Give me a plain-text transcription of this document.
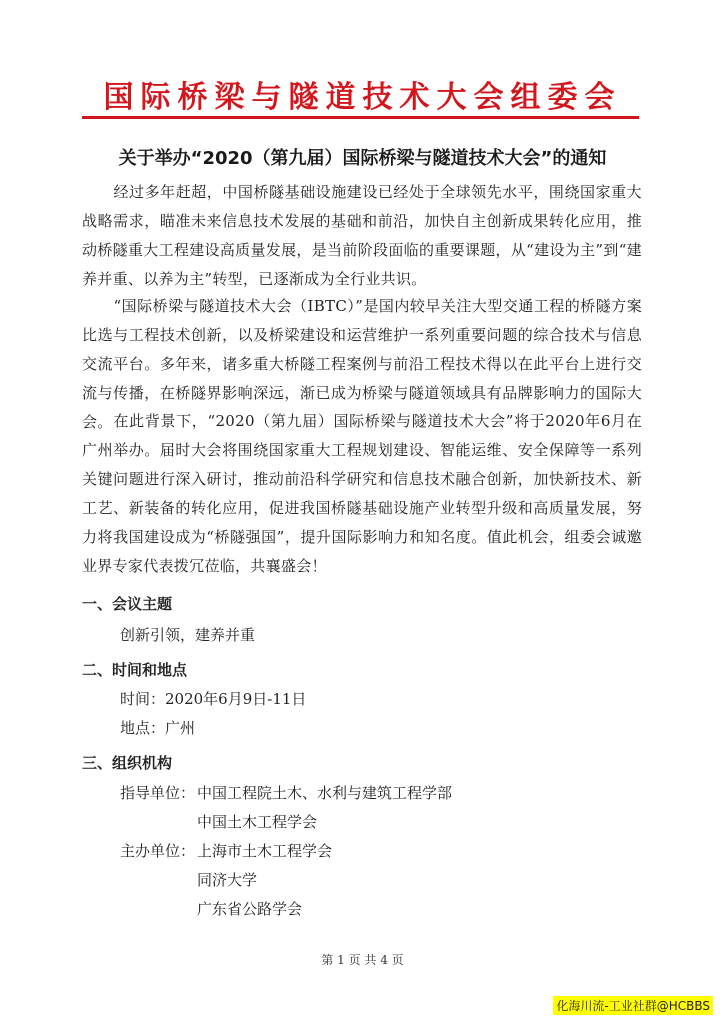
国际桥梁与隧道技术大会组委会
关于举办“2020（第九届）国际桥梁与隧道技术大会”的通知

经过多年赶超，中国桥隧基础设施建设已经处于全球领先水平，围绕国家重大战略需求，瞄准未来信息技术发展的基础和前沿，加快自主创新成果转化应用，推动桥隧重大工程建设高质量发展，是当前阶段面临的重要课题，从“建设为主”到“建养并重、以养为主”转型，已逐渐成为全行业共识。

“国际桥梁与隧道技术大会（IBTC）”是国内较早关注大型交通工程的桥隧方案比选与工程技术创新，以及桥梁建设和运营维护一系列重要问题的综合技术与信息交流平台。多年来，诸多重大桥隧工程案例与前沿工程技术得以在此平台上进行交流与传播，在桥隧界影响深远，渐已成为桥梁与隧道领域具有品牌影响力的国际大会。 在此背景下，“2020（第九届）国际桥梁与隧道技术大会”将于2020年6月在广州举办。届时大会将围绕国家重大工程规划建设、智能运维、安全保障等一系列关键问题进行深入研讨，推动前沿科学研究和信息技术融合创新，加快新技术、新工艺、新装备的转化应用，促进我国桥隧基础设施产业转型升级和高质量发展，努力将我国建设成为“桥隧强国”，提升国际影响力和知名度。值此机会，组委会诚邀业界专家代表拨冗莅临，共襄盛会！

一、会议主题
创新引领，建养并重
二、时间和地点
时间：2020年6月9日-11日
地点：广州
三、组织机构
指导单位： 中国工程院土木、水利与建筑工程学部
中国土木工程学会
主办单位： 上海市土木工程学会
同济大学
广东省公路学会
第 1 页 共 4 页
化海川流-工业社群@HCBBS
